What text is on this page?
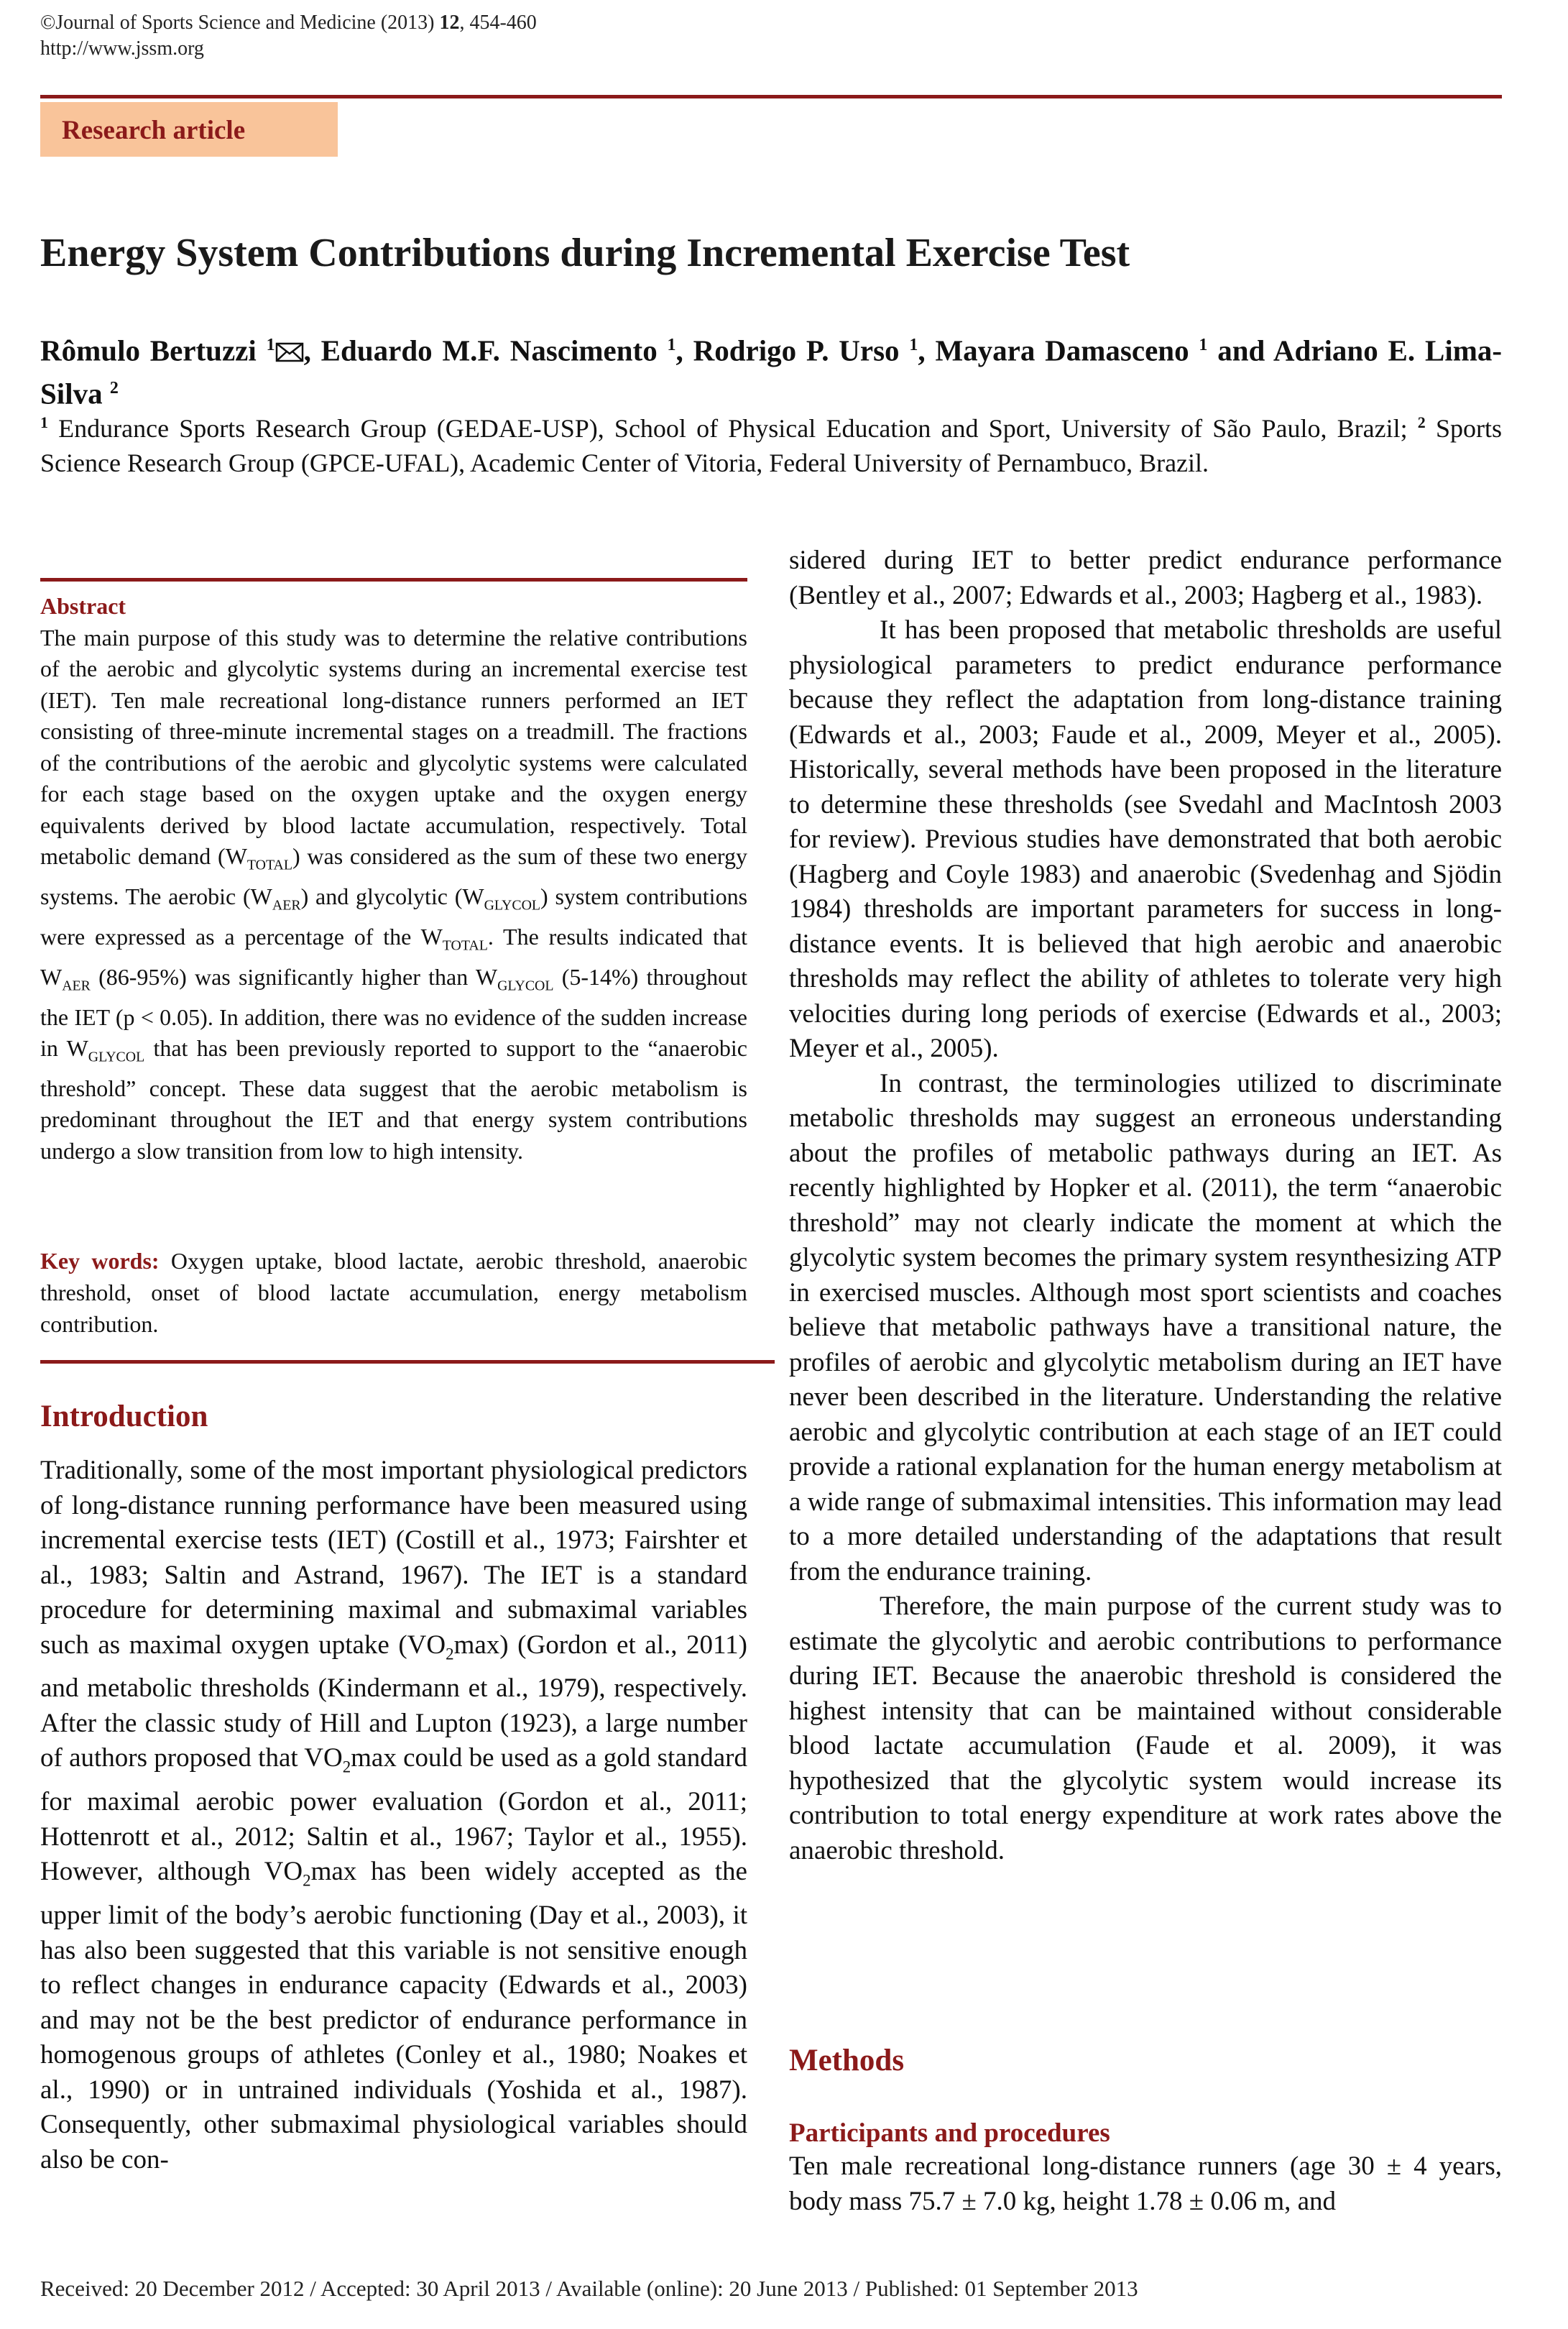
©Journal of Sports Science and Medicine (2013) 12, 454-460
http://www.jssm.org
Research article
Energy System Contributions during Incremental Exercise Test
Rômulo Bertuzzi $^1$ , Eduardo M.F. Nascimento $^1$, Rodrigo P. Urso $^1$, Mayara Damasceno $^1$ and Adriano E. Lima-Silva $^2$
$^1$ Endurance Sports Research Group (GEDAE-USP), School of Physical Education and Sport, University of São Paulo, Brazil; $^2$ Sports Science Research Group (GPCE-UFAL), Academic Center of Vitoria, Federal University of Pernambuco, Brazil.
Abstract
The main purpose of this study was to determine the relative contributions of the aerobic and glycolytic systems during an incremental exercise test (IET). Ten male recreational long-distance runners performed an IET consisting of three-minute incremental stages on a treadmill. The fractions of the contributions of the aerobic and glycolytic systems were calculated for each stage based on the oxygen uptake and the oxygen energy equivalents derived by blood lactate accumulation, respectively. Total metabolic demand $(W_{TOTAL})$ was considered as the sum of these two energy systems. The aerobic $(W_{AER})$ and glycolytic $(W_{GLYCOL})$ system contributions were expressed as a percentage of the $W_{TOTAL}$. The results indicated that $W_{AER}$ (86-95%) was significantly higher than $W_{GLYCOL}$ (5-14%) throughout the IET (p < 0.05). In addition, there was no evidence of the sudden increase in $W_{GLYCOL}$ that has been previously reported to support to the “anaerobic threshold” concept. These data suggest that the aerobic metabolism is predominant throughout the IET and that energy system contributions undergo a slow transition from low to high intensity.
Key words: Oxygen uptake, blood lactate, aerobic threshold, anaerobic threshold, onset of blood lactate accumulation, energy metabolism contribution.
Introduction

Traditionally, some of the most important physiological predictors of long-distance running performance have been measured using incremental exercise tests (IET) (Costill et al., 1973; Fairshter et al., 1983; Saltin and Astrand, 1967). The IET is a standard procedure for determining maximal and submaximal variables such as maximal oxygen uptake $(VO_2\max)$ (Gordon et al., 2011) and metabolic thresholds (Kindermann et al., 1979), respectively. After the classic study of Hill and Lupton (1923), a large number of authors proposed that $VO_2\max$ could be used as a gold standard for maximal aerobic power evaluation (Gordon et al., 2011; Hottenrott et al., 2012; Saltin et al., 1967; Taylor et al., 1955). However, although $VO_2\max$ has been widely accepted as the upper limit of the body’s aerobic functioning (Day et al., 2003), it has also been suggested that this variable is not sensitive enough to reflect changes in endurance capacity (Edwards et al., 2003) and may not be the best predictor of endurance performance in homogenous groups of athletes (Conley et al., 1980; Noakes et al., 1990) or in untrained individuals (Yoshida et al., 1987). Consequently, other submaximal physiological variables should also be con-

sidered during IET to better predict endurance performance (Bentley et al., 2007; Edwards et al., 2003; Hagberg et al., 1983).

It has been proposed that metabolic thresholds are useful physiological parameters to predict endurance performance because they reflect the adaptation from long-distance training (Edwards et al., 2003; Faude et al., 2009, Meyer et al., 2005). Historically, several methods have been proposed in the literature to determine these thresholds (see Svedahl and MacIntosh 2003 for review). Previous studies have demonstrated that both aerobic (Hagberg and Coyle 1983) and anaerobic (Svedenhag and Sjödin 1984) thresholds are important parameters for success in long-distance events. It is believed that high aerobic and anaerobic thresholds may reflect the ability of athletes to tolerate very high velocities during long periods of exercise (Edwards et al., 2003; Meyer et al., 2005).

In contrast, the terminologies utilized to discriminate metabolic thresholds may suggest an erroneous understanding about the profiles of metabolic pathways during an IET. As recently highlighted by Hopker et al. (2011), the term “anaerobic threshold” may not clearly indicate the moment at which the glycolytic system becomes the primary system resynthesizing ATP in exercised muscles. Although most sport scientists and coaches believe that metabolic pathways have a transitional nature, the profiles of aerobic and glycolytic metabolism during an IET have never been described in the literature. Understanding the relative aerobic and glycolytic contribution at each stage of an IET could provide a rational explanation for the human energy metabolism at a wide range of submaximal intensities. This information may lead to a more detailed understanding of the adaptations that result from the endurance training.

Therefore, the main purpose of the current study was to estimate the glycolytic and aerobic contributions to performance during IET. Because the anaerobic threshold is considered the highest intensity that can be maintained without considerable blood lactate accumulation (Faude et al. 2009), it was hypothesized that the glycolytic system would increase its contribution to total energy expenditure at work rates above the anaerobic threshold.

Methods
Participants and procedures

Ten male recreational long-distance runners (age 30 ± 4 years, body mass 75.7 ± 7.0 kg, height 1.78 ± 0.06 m, and

Received: 20 December 2012 / Accepted: 30 April 2013 / Available (online): 20 June 2013 / Published: 01 September 2013
